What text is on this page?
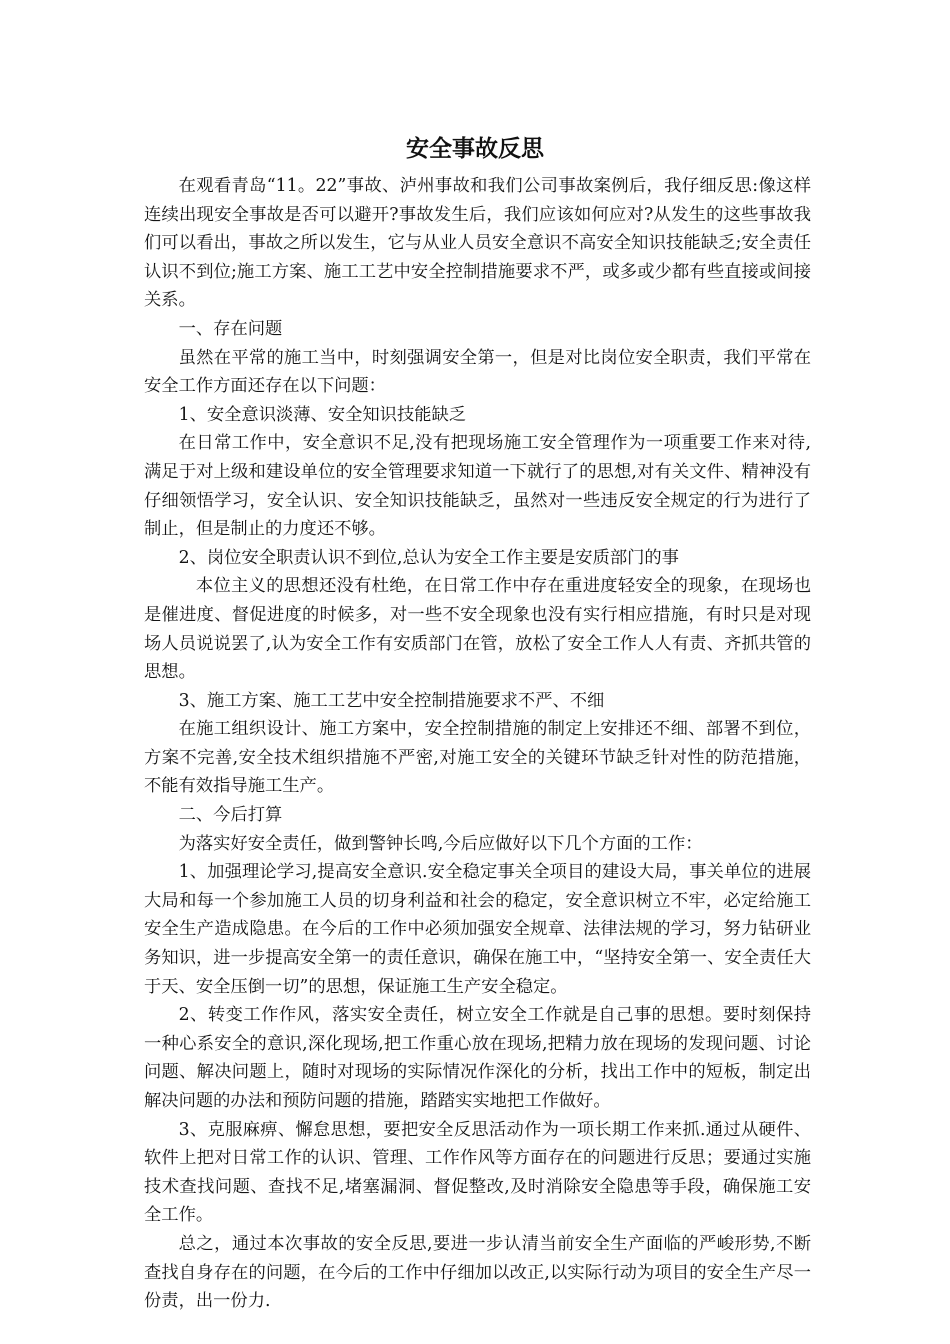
安全事故反思

在观看青岛“11。22”事故、泸州事故和我们公司事故案例后，我仔细反思:像这样连续出现安全事故是否可以避开?事故发生后，我们应该如何应对?从发生的这些事故我们可以看出，事故之所以发生，它与从业人员安全意识不高安全知识技能缺乏;安全责任认识不到位;施工方案、施工工艺中安全控制措施要求不严，或多或少都有些直接或间接关系。

一、存在问题

虽然在平常的施工当中，时刻强调安全第一，但是对比岗位安全职责，我们平常在安全工作方面还存在以下问题：

1、安全意识淡薄、安全知识技能缺乏

在日常工作中，安全意识不足,没有把现场施工安全管理作为一项重要工作来对待,满足于对上级和建设单位的安全管理要求知道一下就行了的思想,对有关文件、精神没有仔细领悟学习，安全认识、安全知识技能缺乏，虽然对一些违反安全规定的行为进行了制止，但是制止的力度还不够。

2、岗位安全职责认识不到位,总认为安全工作主要是安质部门的事

本位主义的思想还没有杜绝，在日常工作中存在重进度轻安全的现象，在现场也是催进度、督促进度的时候多，对一些不安全现象也没有实行相应措施，有时只是对现场人员说说罢了,认为安全工作有安质部门在管，放松了安全工作人人有责、齐抓共管的思想。

3、施工方案、施工工艺中安全控制措施要求不严、不细

在施工组织设计、施工方案中，安全控制措施的制定上安排还不细、部署不到位，方案不完善,安全技术组织措施不严密,对施工安全的关键环节缺乏针对性的防范措施，不能有效指导施工生产。

二、今后打算

为落实好安全责任，做到警钟长鸣,今后应做好以下几个方面的工作：

1、加强理论学习,提高安全意识.安全稳定事关全项目的建设大局，事关单位的进展大局和每一个参加施工人员的切身利益和社会的稳定，安全意识树立不牢，必定给施工安全生产造成隐患。在今后的工作中必须加强安全规章、法律法规的学习，努力钻研业务知识，进一步提高安全第一的责任意识，确保在施工中，“坚持安全第一、安全责任大于天、安全压倒一切”的思想，保证施工生产安全稳定。

2、转变工作作风，落实安全责任，树立安全工作就是自己事的思想。要时刻保持一种心系安全的意识,深化现场,把工作重心放在现场,把精力放在现场的发现问题、讨论问题、解决问题上，随时对现场的实际情况作深化的分析，找出工作中的短板，制定出解决问题的办法和预防问题的措施，踏踏实实地把工作做好。

3、克服麻痹、懈怠思想，要把安全反思活动作为一项长期工作来抓.通过从硬件、软件上把对日常工作的认识、管理、工作作风等方面存在的问题进行反思；要通过实施技术查找问题、查找不足,堵塞漏洞、督促整改,及时消除安全隐患等手段，确保施工安全工作。

总之，通过本次事故的安全反思,要进一步认清当前安全生产面临的严峻形势,不断查找自身存在的问题，在今后的工作中仔细加以改正,以实际行动为项目的安全生产尽一份责，出一份力.
